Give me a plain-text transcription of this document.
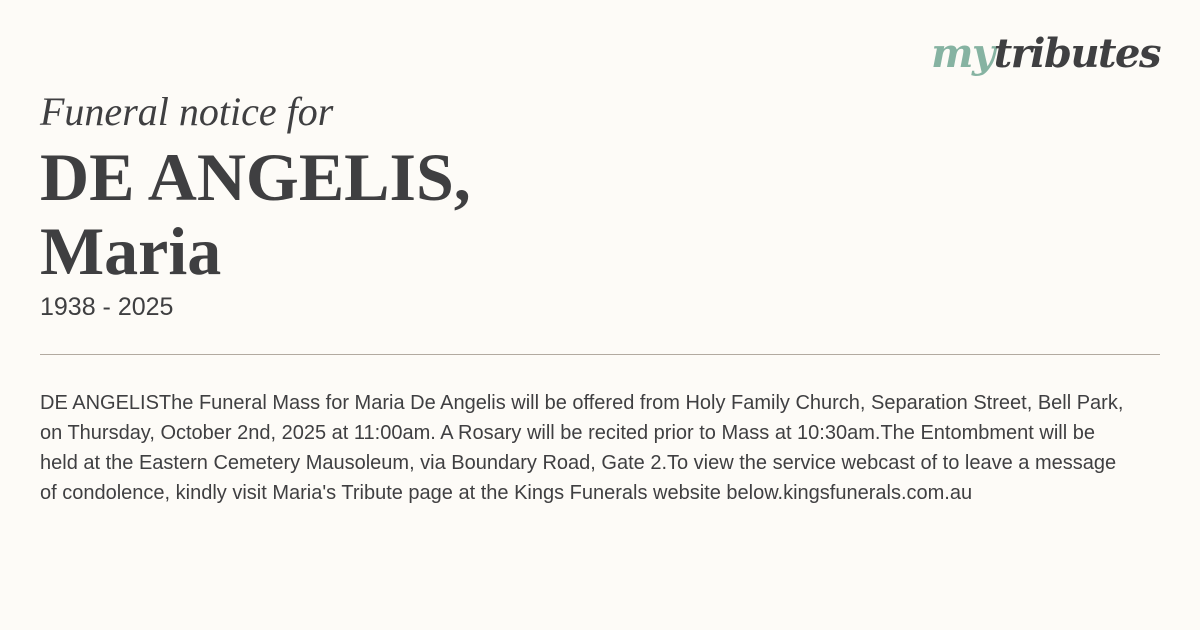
mytributes
Funeral notice for
DE ANGELIS,
Maria

1938 - 2025

DE ANGELISThe Funeral Mass for Maria De Angelis will be offered from Holy Family Church, Separation Street, Bell Park, on Thursday, October 2nd, 2025 at 11:00am. A Rosary will be recited prior to Mass at 10:30am.The Entombment will be held at the Eastern Cemetery Mausoleum, via Boundary Road, Gate 2.To view the service webcast of to leave a message of condolence, kindly visit Maria's Tribute page at the Kings Funerals website below.kingsfunerals.com.au
